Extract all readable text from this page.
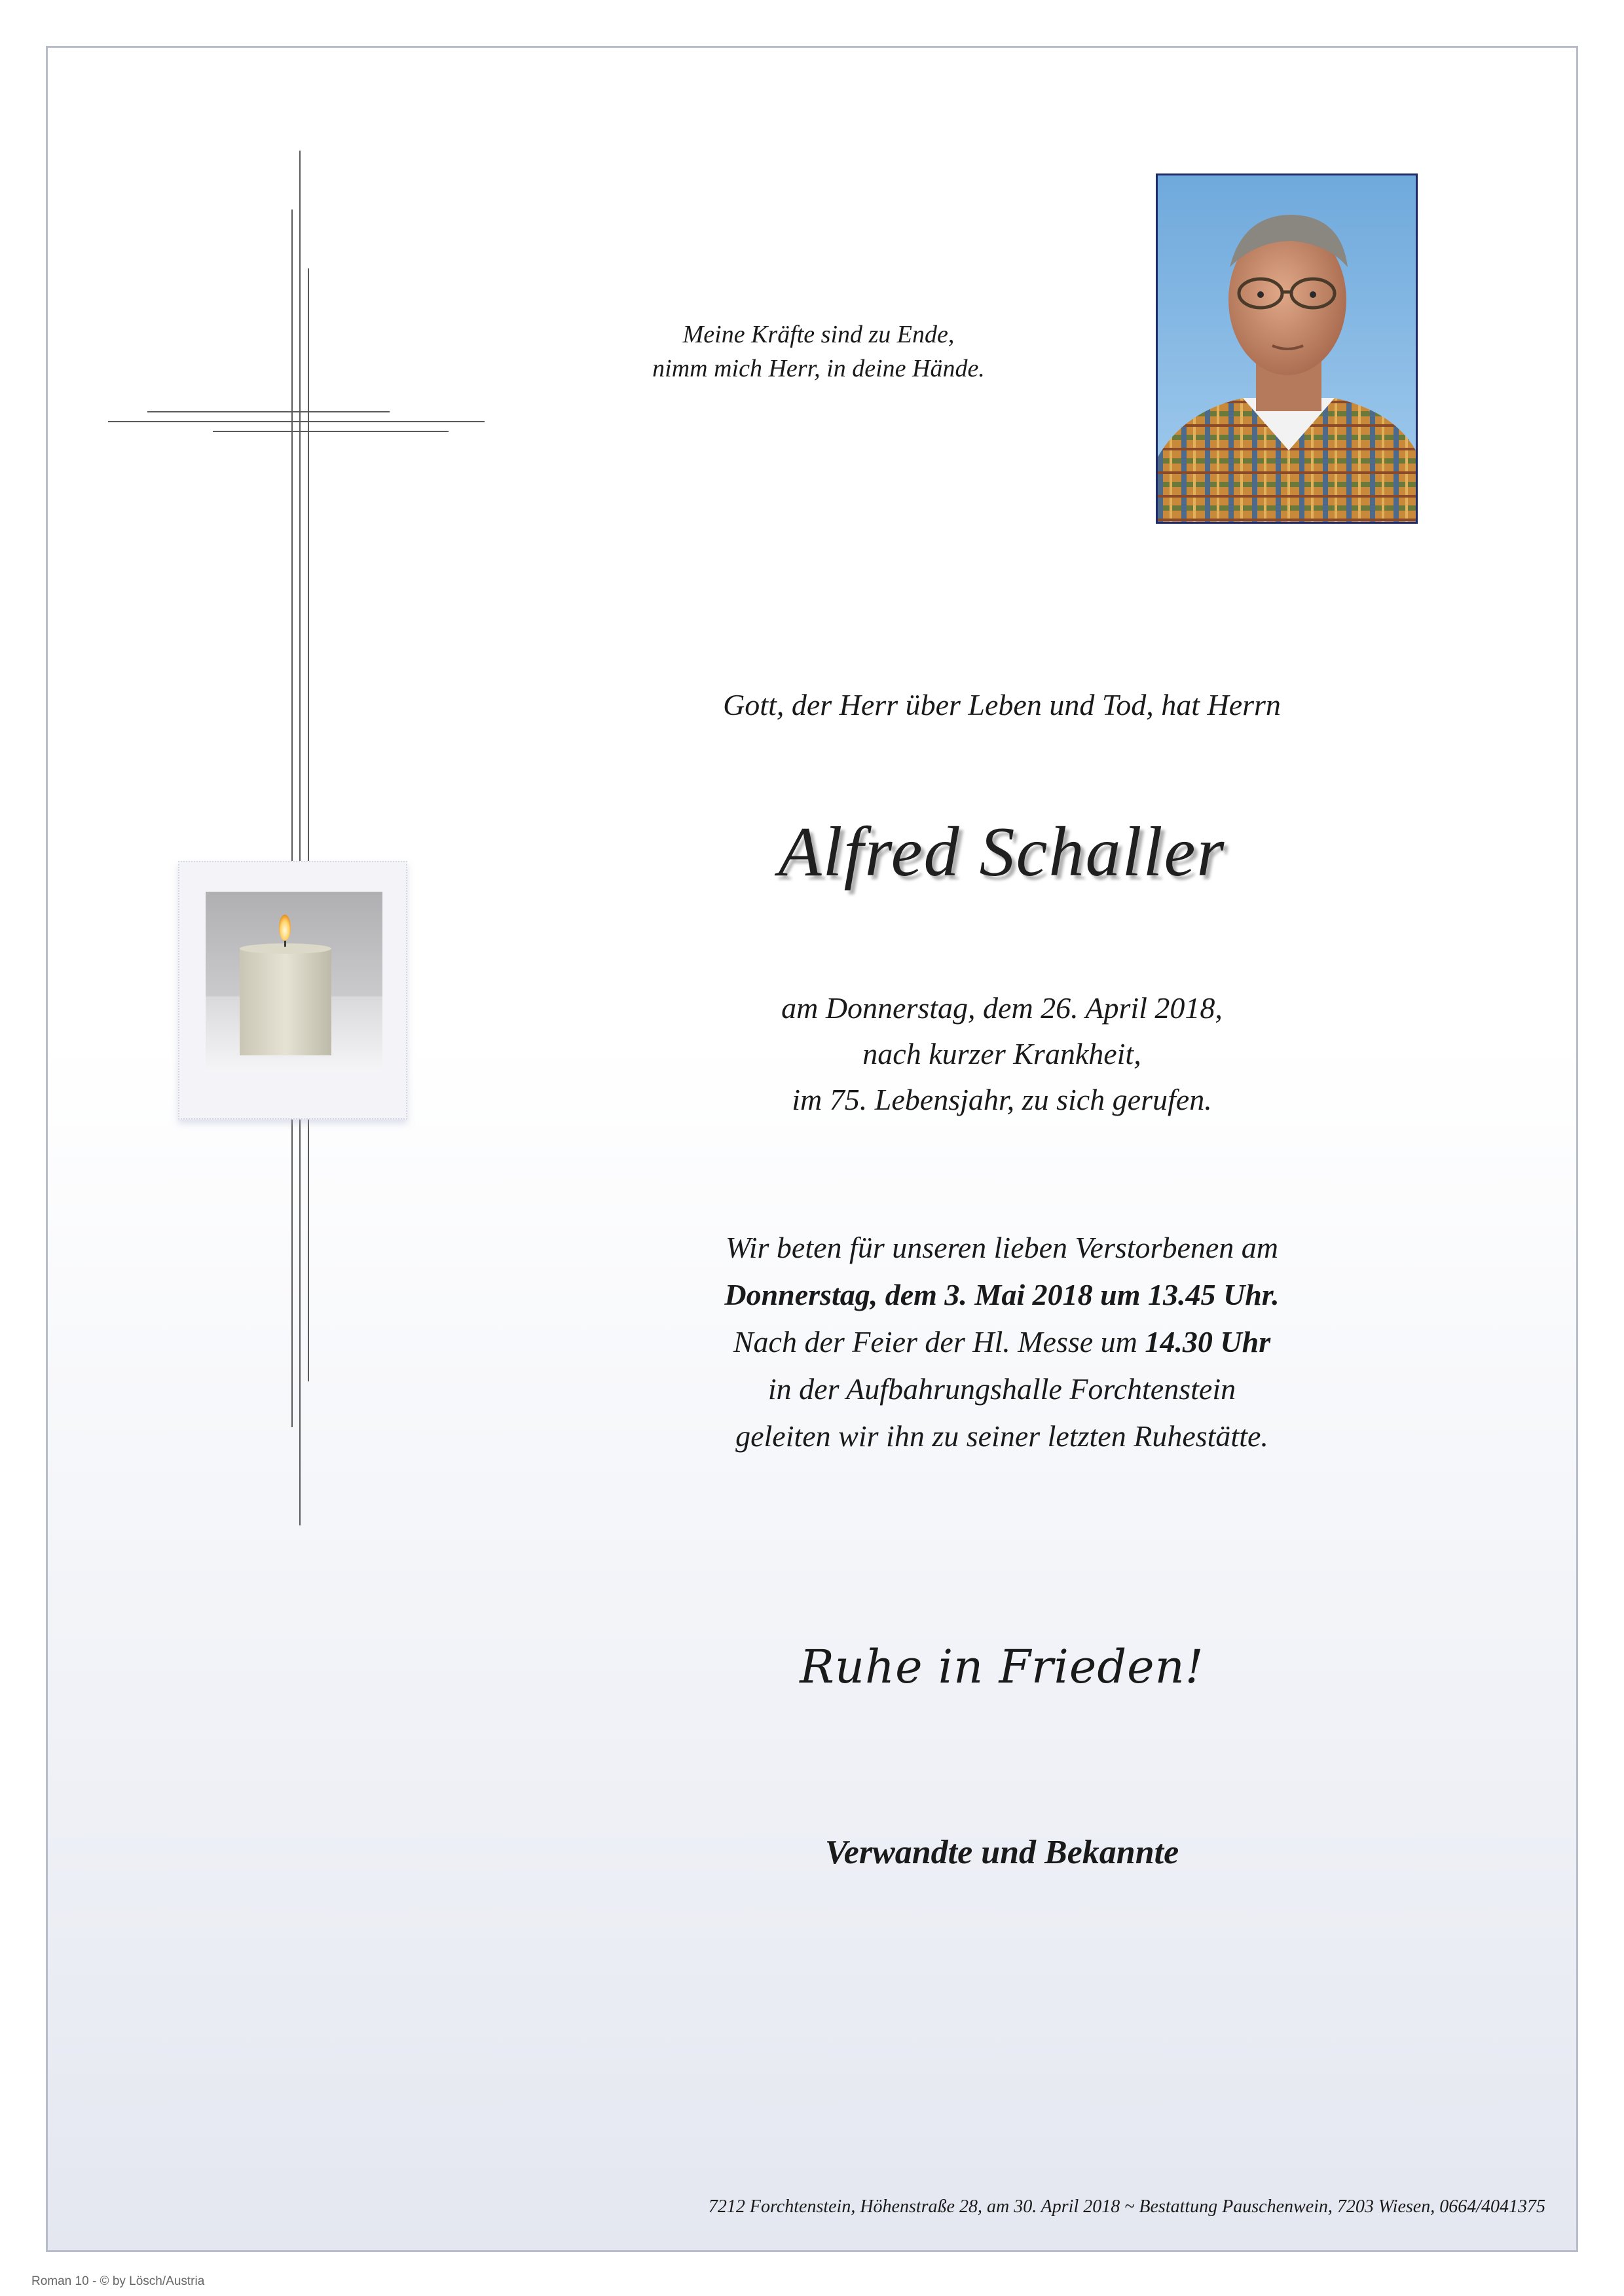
Meine Kräfte sind zu Ende,
nimm mich Herr, in deine Hände.
Gott, der Herr über Leben und Tod, hat Herrn
Alfred Schaller
am Donnerstag, dem 26. April 2018,
nach kurzer Krankheit,
im 75. Lebensjahr, zu sich gerufen.
Wir beten für unseren lieben Verstorbenen am
Donnerstag, dem 3. Mai 2018 um 13.45 Uhr.
Nach der Feier der Hl. Messe um 14.30 Uhr
in der Aufbahrungshalle Forchtenstein
geleiten wir ihn zu seiner letzten Ruhestätte.
Ruhe in Frieden!
Verwandte und Bekannte
7212 Forchtenstein, Höhenstraße 28, am 30. April 2018 ~ Bestattung Pauschenwein, 7203 Wiesen, 0664/4041375
Roman 10 - © by Lösch/Austria
